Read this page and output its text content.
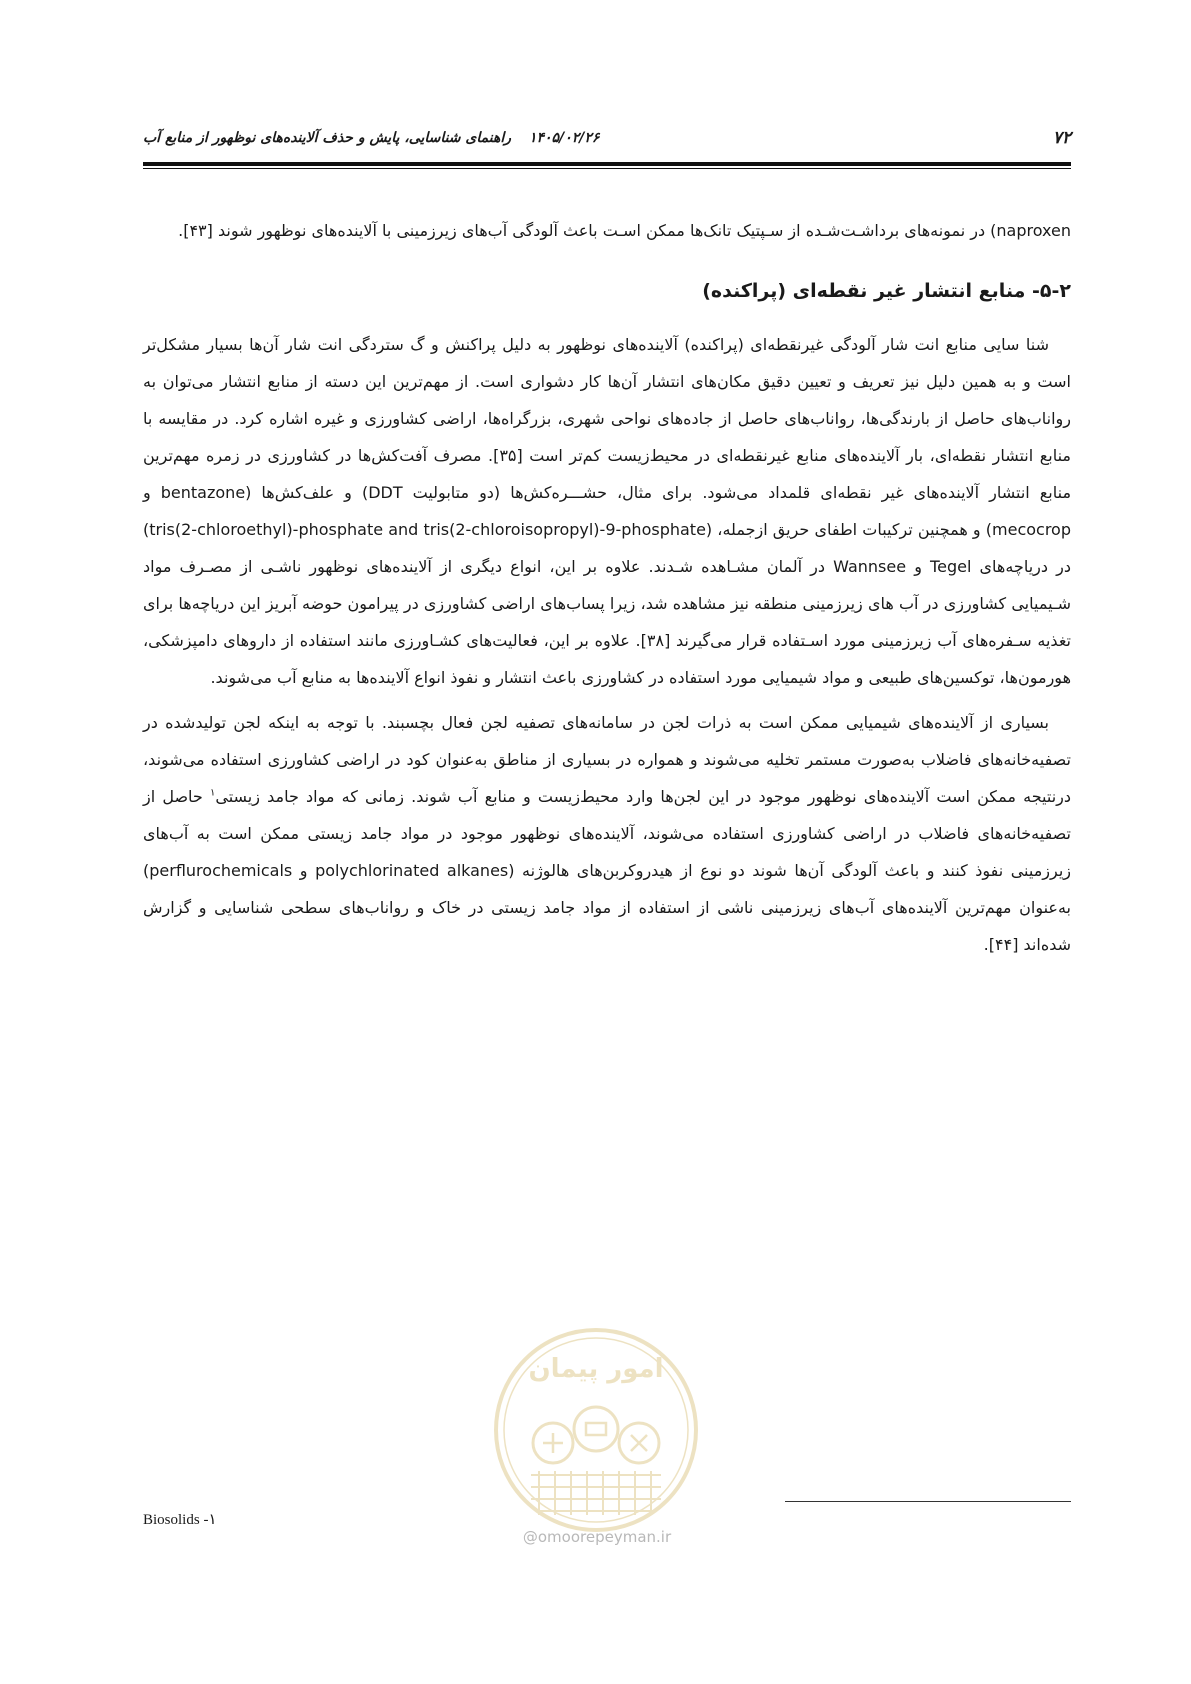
۷۲
۱۴۰۵/۰۲/۲۶راهنمای شناسایی، پایش و حذف آلاینده‌های نوظهور از منابع آب

naproxen) در نمونه‌های برداشـت‌شـده از سـپتیک تانک‌ها ممکن اسـت باعث آلودگی آب‌های زیرزمینی با آلاینده‌های نوظهور شوند [۴۳].

۵-۲- منابع انتشار غیر نقطه‌ای (پراکنده)

شنا سایی منابع انت شار آلودگی غیرنقطه‌ای (پراکنده) آلاینده‌های نوظهور به دلیل پراکنش و گ ستردگی انت شار آن‌ها بسیار مشکل‌تر است و به همین دلیل نیز تعریف و تعیین دقیق مکان‌های انتشار آن‌ها کار دشواری است. از مهم‌ترین این دسته از منابع انتشار می‌توان به رواناب‌های حاصل از بارندگی‌ها، رواناب‌های حاصل از جاده‌های نواحی شهری، بزرگراه‌ها، اراضی کشاورزی و غیره اشاره کرد. در مقایسه با منابع انتشار نقطه‌ای، بار آلاینده‌های منابع غیرنقطه‌ای در محیط‌زیست کم‌تر است [۳۵]. مصرف آفت‌کش‌ها در کشاورزی در زمره مهم‌ترین منابع انتشار آلاینده‌های غیر نقطه‌ای قلمداد می‌شود. برای مثال، حشـــره‌کش‌ها (دو متابولیت DDT) و علف‌کش‌ها (bentazone و mecocrop) و همچنین ترکیبات اطفای حریق ازجمله، (tris(2-chloroethyl)-phosphate and tris(2-chloroisopropyl)-9-phosphate) در دریاچه‌های Tegel و Wannsee در آلمان مشـاهده شـدند. علاوه بر این، انواع دیگری از آلاینده‌های نوظهور ناشـی از مصـرف مواد شـیمیایی کشاورزی در آب های زیرزمینی منطقه نیز مشاهده شد، زیرا پساب‌های اراضی کشاورزی در پیرامون حوضه آبریز این دریاچه‌ها برای تغذیه سـفره‌های آب زیرزمینی مورد اسـتفاده قرار می‌گیرند [۳۸]. علاوه بر این، فعالیت‌های کشـاورزی مانند استفاده از داروهای دامپزشکی، هورمون‌ها، توکسین‌های طبیعی و مواد شیمیایی مورد استفاده در کشاورزی باعث انتشار و نفوذ انواع آلاینده‌ها به منابع آب می‌شوند.

بسیاری از آلاینده‌های شیمیایی ممکن است به ذرات لجن در سامانه‌های تصفیه لجن فعال بچسبند. با توجه به اینکه لجن تولیدشده در تصفیه‌خانه‌های فاضلاب به‌صورت مستمر تخلیه می‌شوند و همواره در بسیاری از مناطق به‌عنوان کود در اراضی کشاورزی استفاده می‌شوند، درنتیجه ممکن است آلاینده‌های نوظهور موجود در این لجن‌ها وارد محیط‌زیست و منابع آب شوند. زمانی که مواد جامد زیستی$^۱$ حاصل از تصفیه‌خانه‌های فاضلاب در اراضی کشاورزی استفاده می‌شوند، آلاینده‌های نوظهور موجود در مواد جامد زیستی ممکن است به آب‌های زیرزمینی نفوذ کنند و باعث آلودگی آن‌ها شوند دو نوع از هیدروکربن‌های هالوژنه (polychlorinated alkanes و perflurochemicals) به‌عنوان مهم‌ترین آلاینده‌های آب‌های زیرزمینی ناشی از استفاده از مواد جامد زیستی در خاک و رواناب‌های سطحی شناسایی و گزارش شده‌اند [۴۴].

امور پیمان
@omoorepeyman.ir
۱- Biosolids
